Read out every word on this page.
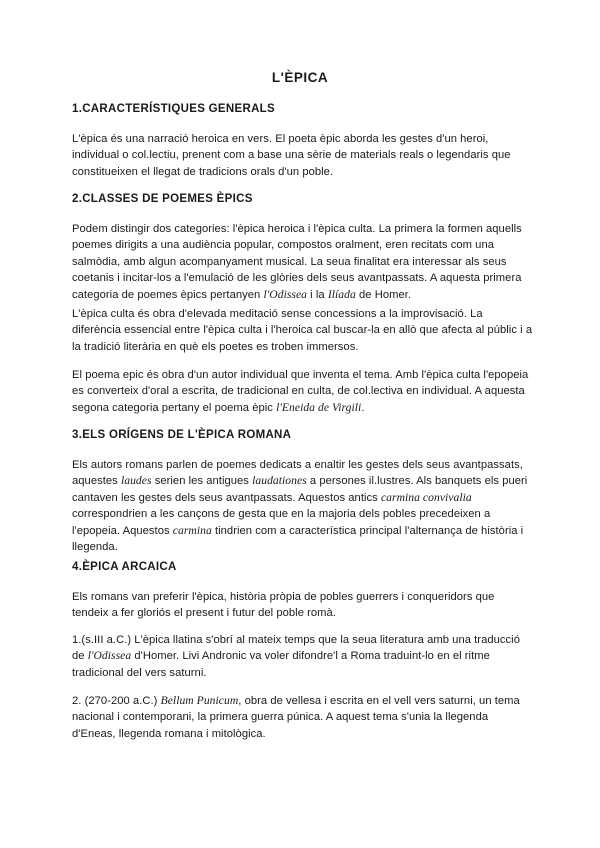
L'ÈPICA
1.CARACTERÍSTIQUES GENERALS

L'èpica és una narració heroica en vers. El poeta èpic aborda les gestes d'un heroi, individual o col.lectiu, prenent com a base una sèrie de materials reals o legendaris que constitueixen el llegat de tradicions orals d'un poble.

2.CLASSES DE POEMES ÈPICS

Podem distingir dos categories: l'èpica heroica i l'èpica culta. La primera la formen aquells poemes dirigits a una audiència popular, compostos oralment, eren recitats com una salmòdia, amb algun acompanyament musical. La seua finalitat era interessar als seus coetanis i incitar-los a l'emulació de les glòries dels seus avantpassats. A aquesta primera categoria de poemes èpics pertanyen l'Odissea i la Ilíada de Homer.

L'èpica culta és obra d'elevada meditació sense concessions a la improvisació. La diferència essencial entre l'èpica culta i l'heroica cal buscar-la en allò que afecta al públic i a la tradició literària en què els poetes es troben immersos.

El poema epic és obra d'un autor individual que inventa el tema. Amb l'èpica culta l'epopeia es converteix d'oral a escrita, de tradicional en culta, de col.lectiva en individual. A aquesta segona categoria pertany el poema èpic l'Eneida de Virgili.

3.ELS ORÍGENS DE L'ÈPICA ROMANA

Els autors romans parlen de poemes dedicats a enaltir les gestes dels seus avantpassats, aquestes laudes serien les antigues laudationes a persones il.lustres. Als banquets els pueri cantaven les gestes dels seus avantpassats. Aquestos antics carmina convivalia correspondrien a les cançons de gesta que en la majoria dels pobles precedeixen a l'epopeia. Aquestos carmina tindrien com a característica principal l'alternança de història i llegenda.

4.ÈPICA ARCAICA

Els romans van preferir l'èpica, història pròpia de pobles guerrers i conqueridors que tendeix a fer gloriós el present i futur del poble romà.

1.(s.III a.C.) L'èpica llatina s'obrí al mateix temps que la seua literatura amb una traducció de l'Odissea d'Homer. Livi Andronic va voler difondre'l a Roma traduint-lo en el ritme tradicional del vers saturni.

2. (270-200 a.C.) Bellum Punicum, obra de vellesa i escrita en el vell vers saturni, un tema nacional i contemporani, la primera guerra púnica. A aquest tema s'unia la llegenda d'Eneas, llegenda romana i mitològica.
